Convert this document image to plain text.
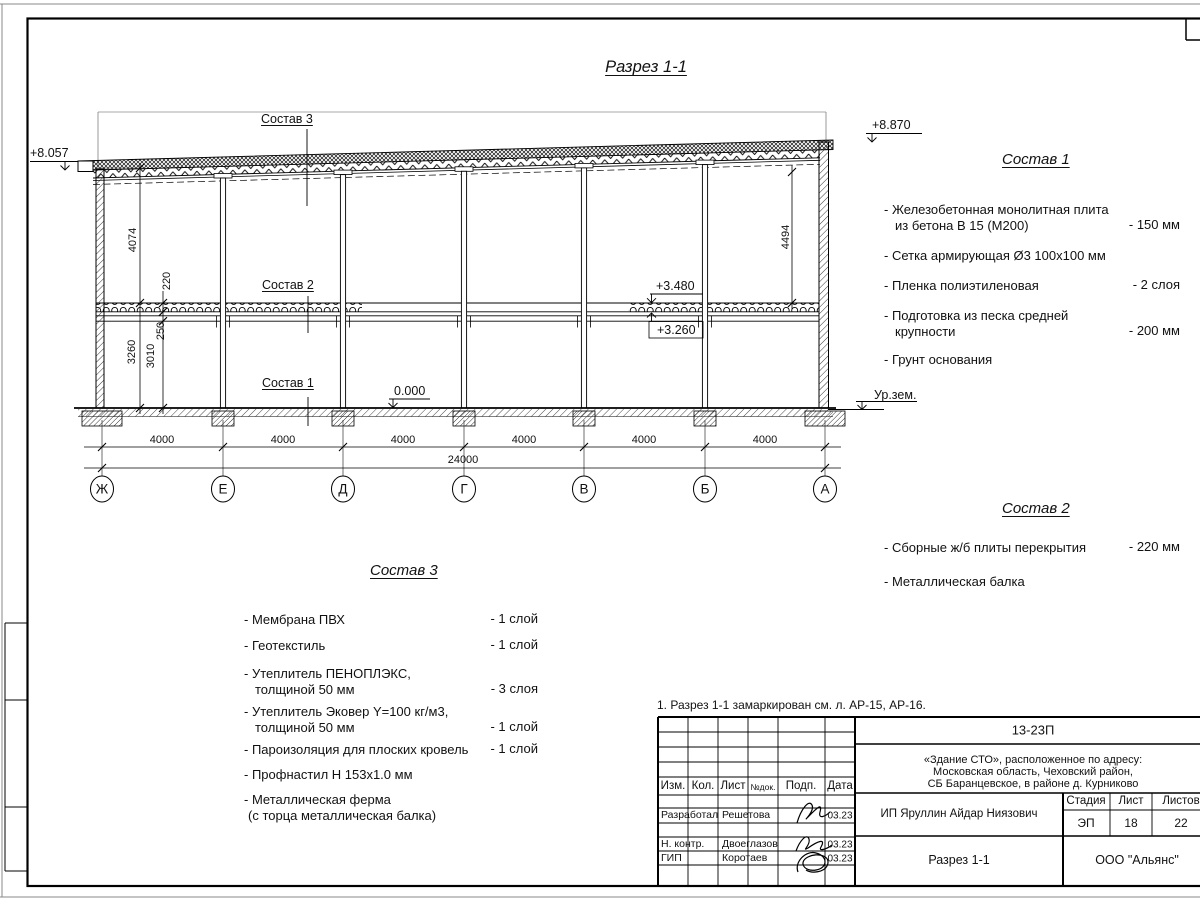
Разрез 1-1
+8.057
+8.870
+3.480
+3.260
0.000	Ур.зем.
Состав 3
Состав 2
Состав 1
4074
3260
220
250
3010
4494
4000	4000	4000	4000	4000	4000
24000
Ж	Е	Д	Г	В	Б	А
Состав 1
- Железобетонная монолитная плита
из бетона В 15 (М200)	- 150 мм
- Сетка армирующая Ø3 100х100 мм
- Пленка полиэтиленовая	- 2 слоя
- Подготовка из песка средней
крупности	- 200 мм
- Грунт основания
Состав 2
- Сборные ж/б плиты перекрытия	- 220 мм
- Металлическая балка
Состав 3
- Мембрана ПВХ	- 1 слой
- Геотекстиль	- 1 слой
- Утеплитель ПЕНОПЛЭКС,
толщиной 50 мм	- 3 слоя
- Утеплитель Эковер Y=100 кг/м3,
толщиной 50 мм	- 1 слой
- Пароизоляция для плоских кровель	- 1 слой
- Профнастил Н 153х1.0 мм
- Металлическая ферма
(с торца металлическая балка)
1. Разрез 1-1 замаркирован см. л. АР-15, АР-16.
Изм. Кол. Лист №док. Подп. Дата
Разработал Решетова	03.23
Н. контр. Двоеглазов	03.23
ГИП	Коротаев	03.23
13-23П
«Здание СТО», расположенное по адресу:
Московская область, Чеховский район,
СБ Баранцевское, в районе д. Курниково
ИП Яруллин Айдар Ниязович
Стадия Лист Листов
ЭП 18	22
Разрез 1-1	ООО "Альянс"
